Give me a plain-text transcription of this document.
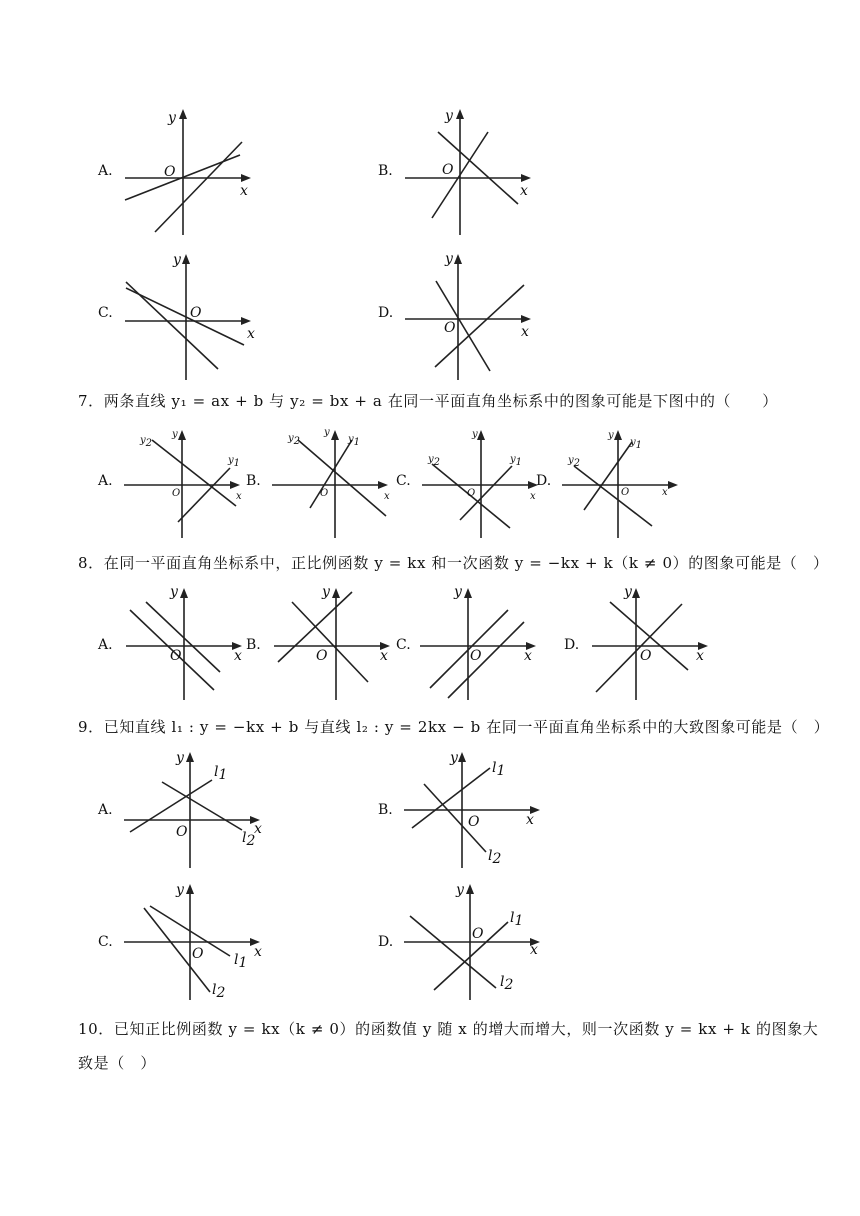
A.
x
y
O	B.
x
y
O
C.
x
y
O	D.
x
y
O
7．两条直线 y₁ = ax + b 与 y₂ = bx + a 在同一平面直角坐标系中的图象可能是下图中的（　　）
A.
y2
y1
x
y
O
B.
y2	y1
x
y
O
C.
y2	y1
x
y
O
D.
y2
y1
x
y
O
8．在同一平面直角坐标系中，正比例函数 y = kx 和一次函数 y = −kx + k（k ≠ 0）的图象可能是（　）
A.
x
y
O
B.
x
y
O
C.
x
y
O
D.
x
y
O
9．已知直线 l₁ : y = −kx + b 与直线 l₂ : y = 2kx − b 在同一平面直角坐标系中的大致图象可能是（　）
A.
l1
l2
x
y
O
B.
l1
l2
x
y
O
C.
l1
l2
x
y
O
D.
l1
l2
x
y
O
10．已知正比例函数 y = kx（k ≠ 0）的函数值 y 随 x 的增大而增大，则一次函数 y = kx + k 的图象大
致是（　）
